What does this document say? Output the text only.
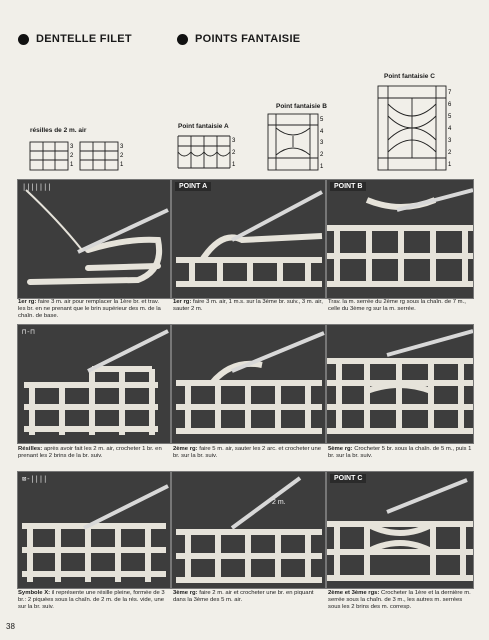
DENTELLE FILET	POINTS FANTAISIE
résilles de 2 m. air
Point fantaisie A
Point fantaisie B
Point fantaisie C
3
2
1
3
2
1
3
2
1
5
4
3
2
1
7
6
5
4
3
2
1
|||||||	POINT A	POINT B
1er rg: faire 3 m. air pour remplacer la 1ère br. et trav. les br. en ne prenant que le brin supérieur des m. de la chaîn. de base.
1er rg: faire 3 m. air, 1 m.s. sur la 3ème br. suiv., 3 m. air, sauter 2 m.
Trav. la m. serrée du 2ème rg sous la chaîn. de 7 m., celle du 3ème rg sur la m. serrée.
⊓-⊓
Résilles: après avoir fait les 2 m. air, crocheter 1 br. en prenant les 2 brins de la br. suiv.
2ème rg: faire 5 m. air, sauter les 2 arc. et crocheter une br. sur la br. suiv.
5ème rg: Crocheter 5 br. sous la chaîn. de 5 m., puis 1 br. sur la br. suiv.
⊠-||||
2 m.
POINT C
Symbole X: il représente une résille pleine, formée de 3 br.: 2 piquées sous la chaîn. de 2 m. de la rés. vide, une sur la br. suiv.
3ème rg: faire 2 m. air et crocheter une br. en piquant dans la 3ème des 5 m. air.
2ème et 3ème rgs: Crocheter la 1ère et la dernière m. serrée sous la chaîn. de 3 m., les autres m. serrées sous les 2 brins des m. corresp.
38
